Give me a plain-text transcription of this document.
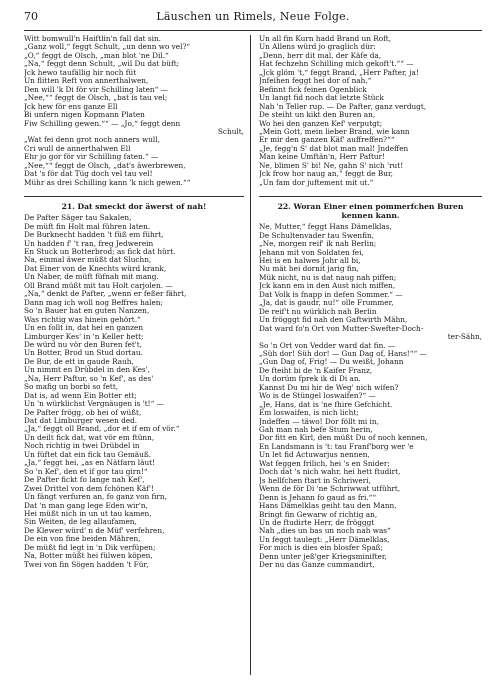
70	Läuschen un Rimels, Neue Folge.
Witt bomwull'n Haiftlin'n fall dat sin.
„Ganz woll,“ feggt Schult, „un denn wo vel?“
„O,“ feggt de Olsch, „man blot 'ne Dil.“
„Na,“ feggt denn Schult, „wil Du dat büft;
Jck hewo taufällig hir noch füt
Un flitten Reft von annerthalwen,
Den will 'k Di för vir Schilling laten“ —
„Nee,““ feggt de Olsch, „bat is tau vel;
Jck hew för ens ganze Ell
Bi unfern nigen Kopmann Platen
Fiw Schilling gewen.““ — „Jo,“ feggt denn
Schult,
„Wat fei denn grot noch anners wull,
Cri wull de annerthalwen Ell
Ehr jo gor för vir Schilling faten.“ —
„Nee,““ feggt de Olsch, „dat's äwerbrewen,
Dat 's för dat Tüg doch vel tau vel!
Mühr as drei Schilling kann 'k nich gewen.““
21. Dat smeckt dor äwerst of nah!
De Pafter Säger tau Sakalen,
De müft fin Holt mal führen laten.
De Burknecht hadden 't füß em führt,
Un hadden f' 't ran, freg Jedwerein
En Stuck un Botterbrod; as fick dat hürt.
Na, einmal äwer müßt dat Sluchn,
Dat Einer von de Knechts würd krank,
Un Naber, de müft füfnah mit mang.
Oll Brand müßt mit tau Holt carjolen. —
„Na,“ denkt de Pafter, „wenn er feßer fährt,
Dann mag ich woll nog Beffres halen;
So 'n Bauer hat en guten Nanzen,
Was richtig was hinein gehört.“
Un en follt in, dat hei en ganzen
Limburger Kes' in 'n Keller hett;
De würd nu vör den Buren fet't,
Un Botter, Brod un Stud dortau.
De Bur, de ett in gaude Rauh,
Un nimmt en Drübdel in den Kes',
„Na, Herr Paftur, so 'n Kef', as des'
So mafig un borbi so fett,
Dat is, ad wenn Ein Botter ett;
Un 'n würklichst Vergnäugen is 't!“ —
De Pafter frögg, ob hei of wüßt,
Dat dat Limburger wesen ded.
„Ja,“ feggt oll Brand, „dor et if em of vör.“
Un deilt fick dat, wat vör em ftünn,
Noch richtig in twei Drübdel in
Un füftet dat ein fick tau Gemäuß.
„Ja,“ feggt hei, „as en Nätfarn läut!
So 'n Kef', den et if gor tau girn!“
De Pafter fickt fo lange nah Kef',
Zwei Drittel von dem fchönen Käf'!
Un fängt verfuren an, fo ganz von firn,
Dat 'n man gang lege Eden wir'n,
Hei müßt nich in un ut tau kamen,
Sin Weiten, de leg allaufamen,
De Klewer würd' n de Müf' verfehren,
De ein von fine beiden Mähren,
De müßt fid legt in 'n Dik verfüpen;
Na, Botter müßt hei fülwen köpen,
Twei von fin Sögen hadden 't Für,
Un all fin Kurn hadd Brand un Roft,
Un Allens würd jo graglich dür:
„Denn, herr dit mal, der Käfe da,
Hat fechzehn Schilling mich gekoft't.““ —
„Jck glöm 't,“ feggt Brand, „Herr Pafter, ja!
Jnfeihen feggt hei dor of nah,“
Befinnt fick feinen Ogenblick
Un langt fid noch dat letzte Stück
Nah 'n Teller rup. — De Pafter, ganz verdugt,
De steiht un kikt den Buren an,
Wo hei den ganzen Kef' verputgt;
„Mein Gott, mein lieber Brand, wie kann
Er mir den ganzen Käf' auffreffen?““
„Je, fegg'n S' dat blot man mal! Jndeffen
Man keine Umftän'n, Herr Paftur!
Ne, blimen S' bi! Ne, gahn S' nich 'rut!
Jck frow hor naug an,“ feggt de Bur,
„Un fam dor juftement mit ut.“
22. Woran Einer einen pommerfchen Buren
kennen kann.
Ne, Mutter,“ feggt Hans Dämelklas,
De Schultenvader tau Swenfin,
„Ne, morgen reif' ik nah Berlin;
Jehann mit von Soldaten fei,
Hei is en halwes Johr all bi,
Nu mät hei dornit jarig fin,
Mük nicht, nu is dat naug nah piffen;
Jck kann em in den Aust nich miffen,
Dat Volk is fnapp in defen Sommer.“ —
„Ja, dat is gaudr, nu!“ olle Frummer,
De reif't nu würklich nah Berlin
Un frögggt fid nah den Gaftwirth Mähn,
Dat ward fo'n Ort von Mutter-Swefter-Doch-
ter-Sähn,
So 'n Ort von Vedder ward dat fin. —
„Süh dor! Süh dor! — Gun Dag of, Hans!““ —
„Gun Dag of, Frig! — Du weißt, Johann
De fteiht bi de 'n Kaifer Franz,
Un dorüm fprek ik di Di an.
Kannst Du mi hir de Weg' nich wifen?
Wo is de Stüngel loswaifen?“ —
„Je, Hans, dat is 'ne fhire Gefchicht.
Em loswaifen, is nich licht;
Jndeffen — täwo! Dor föllt mi in,
Gah man nah befe Stum herin,
Dor fitt en Kirl, den müßt Du of noch kennen,
En Landsmann is 't: tau Franf'borg wer 'e
Un let fid Actuwarjus nennen,
Wat feggen frilich, hei 's en Snider;
Doch dat 's nich wahr, hei hett ftudirt,
Js hellfchen ftart in Schriweri,
Wenn de för Di 'ne Schriwwat utführt,
Denn is Jehann fo gaud as fri.““
Hans Dämelklas geiht tau den Mann,
Bringt fin Gewarw of richtig an,
Un de ftudirte Herr, de frögggt
Nah „dies un bas un noch nah was“
Un feggt taulegt: „Herr Dämelklas,
For mich is dies ein blosfer Spaß;
Denn unter jeß'ger Kriegsminifter,
Der nu das Ganze cummandirt,
